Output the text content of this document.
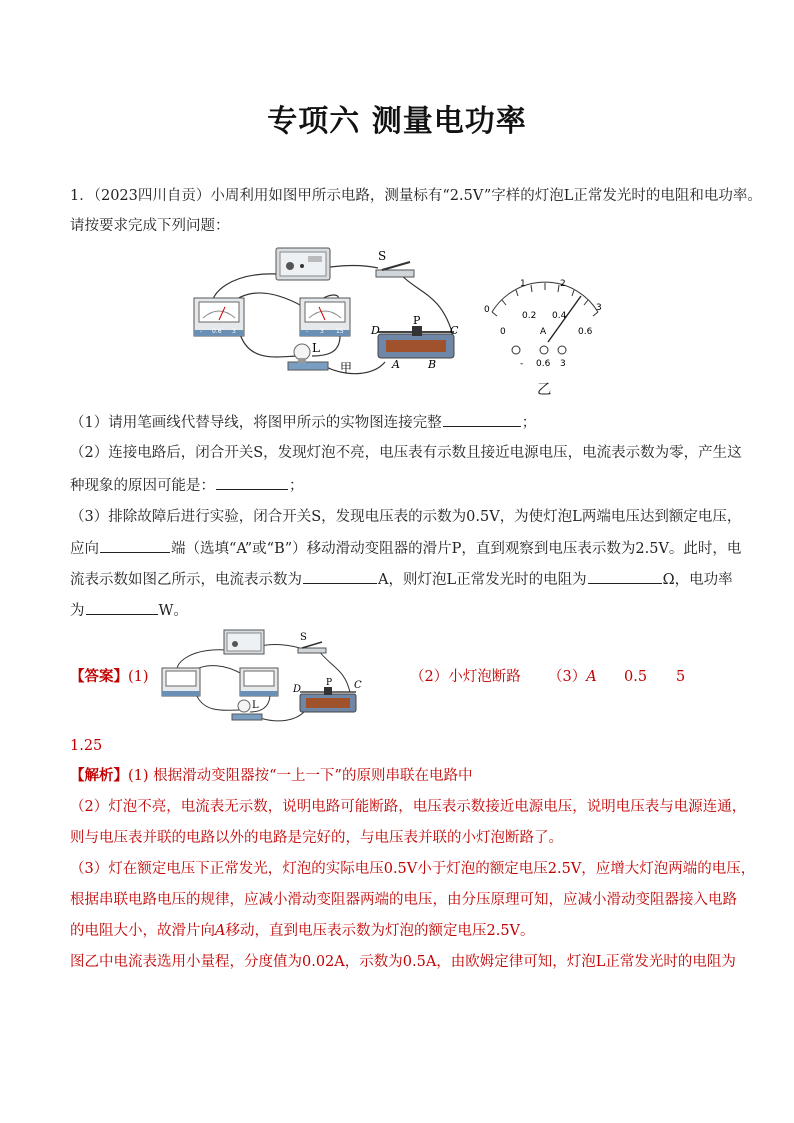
专项六 测量电功率
1．（2023四川自贡）小周利用如图甲所示电路，测量标有“2.5V”字样的灯泡L正常发光时的电阻和电功率。
请按要求完成下列问题：
- 0.6 3	- 3 15
S
L
P
D	C
A	B
甲
0
1	2
3
0
0.2 0.4
0.6
A
- 0.6 3
乙
（1）请用笔画线代替导线，将图甲所示的实物图连接完整	；
（2）连接电路后，闭合开关S，发现灯泡不亮，电压表有示数且接近电源电压，电流表示数为零，产生这
种现象的原因可能是：	；
（3）排除故障后进行实验，闭合开关S，发现电压表的示数为0.5V，为使灯泡L两端电压达到额定电压，
应向	端（选填“A”或“B”）移动滑动变阻器的滑片P，直到观察到电压表示数为2.5V。此时，电
流表示数如图乙所示，电流表示数为	A，则灯泡L正常发光时的电阻为	Ω，电功率
为	W。
【答案】(1)
S
L
P
D	C
（2）小灯泡断路 （3）A 0.5 5
1.25
【解析】(1) 根据滑动变阻器按“一上一下”的原则串联在电路中
（2）灯泡不亮，电流表无示数，说明电路可能断路，电压表示数接近电源电压，说明电压表与电源连通，
则与电压表并联的电路以外的电路是完好的，与电压表并联的小灯泡断路了。
（3）灯在额定电压下正常发光，灯泡的实际电压0.5V小于灯泡的额定电压2.5V，应增大灯泡两端的电压，
根据串联电路电压的规律，应减小滑动变阻器两端的电压，由分压原理可知，应减小滑动变阻器接入电路
的电阻大小，故滑片向A移动，直到电压表示数为灯泡的额定电压2.5V。
图乙中电流表选用小量程，分度值为0.02A，示数为0.5A，由欧姆定律可知，灯泡L正常发光时的电阻为
